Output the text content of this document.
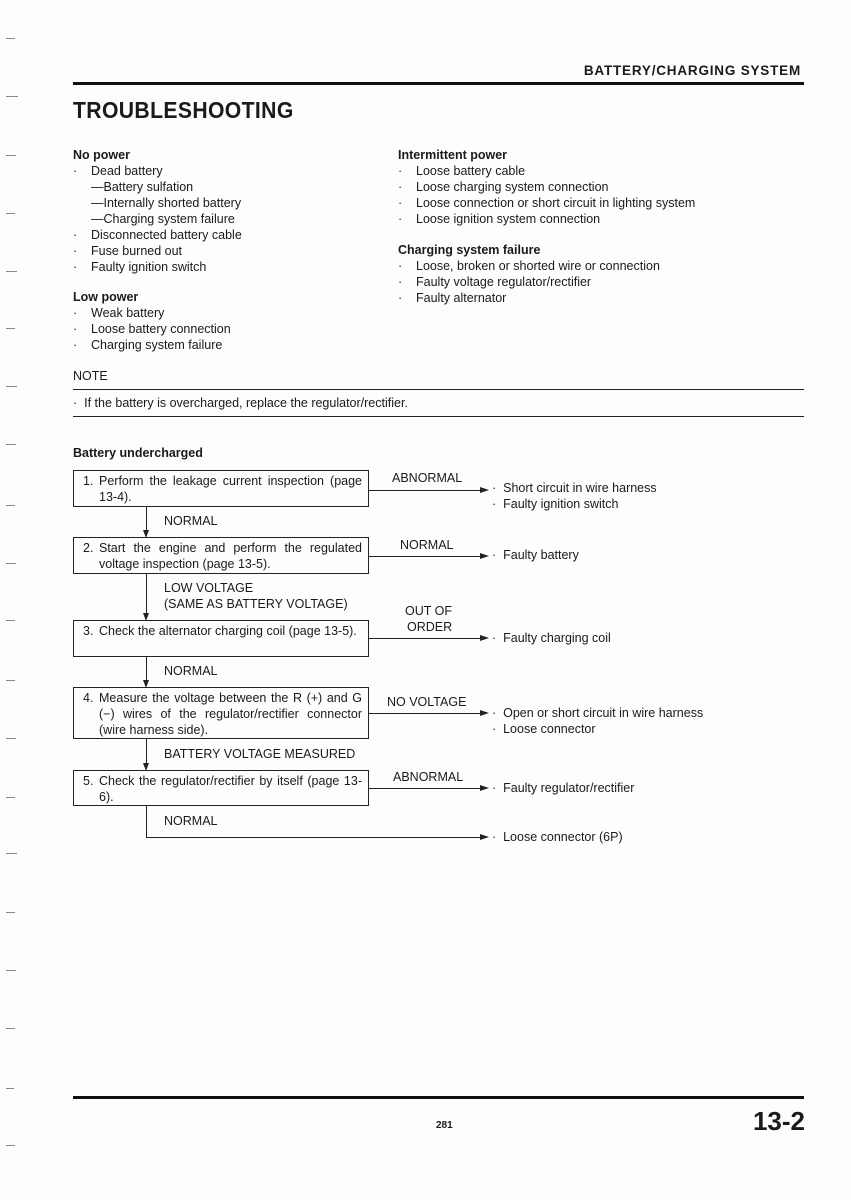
BATTERY/CHARGING SYSTEM
TROUBLESHOOTING
No power
· Dead battery
—Battery sulfation
—Internally shorted battery
—Charging system failure
· Disconnected battery cable
· Fuse burned out
· Faulty ignition switch
Low power
· Weak battery
· Loose battery connection
· Charging system failure
Intermittent power
· Loose battery cable
· Loose charging system connection
· Loose connection or short circuit in lighting system
· Loose ignition system connection
Charging system failure
· Loose, broken or shorted wire or connection
· Faulty voltage regulator/rectifier
· Faulty alternator
NOTE
·  If the battery is overcharged, replace the regulator/rectifier.
Battery undercharged
1. Perform the leakage current inspection (page 13-4).
ABNORMAL
·  Short circuit in wire harness
·  Faulty ignition switch
NORMAL
2. Start the engine and perform the regulated voltage inspection (page 13-5).
NORMAL
·  Faulty battery
LOW VOLTAGE
(SAME AS BATTERY VOLTAGE)
3. Check the alternator charging coil (page 13-5).
OUT OF
ORDER
·  Faulty charging coil
NORMAL
4. Measure the voltage between the R (+) and G (−) wires of the regulator/rectifier connector (wire harness side).
NO VOLTAGE
·  Open or short circuit in wire harness
·  Loose connector
BATTERY VOLTAGE MEASURED
5. Check the regulator/rectifier by itself (page 13-6).
ABNORMAL
·  Faulty regulator/rectifier
NORMAL
·  Loose connector (6P)
281	13-2
